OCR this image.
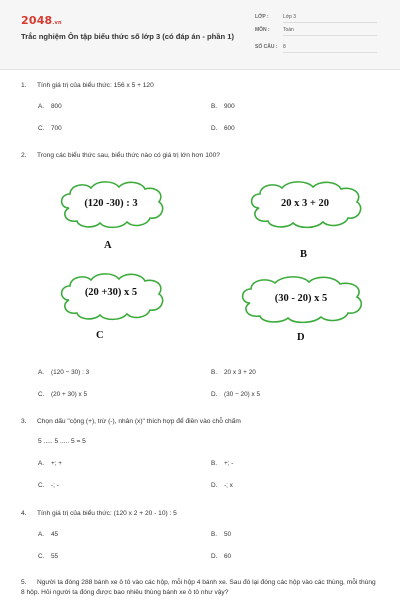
2048.vn
Trắc nghiệm Ôn tập biểu thức số lớp 3 (có đáp án - phần 1)
LỚP :	Lớp 3
MÔN :	Toán
SỐ CÂU : 8
1. Tính giá trị của biểu thức: 156 x 5 + 120
A. 800	B. 900
C. 700	D. 600
2. Trong các biểu thức sau, biểu thức nào có giá trị lớn hơn 100?
(120 -30) : 3
A
20 x 3 + 20
B
(20 +30) x 5
C
(30 - 20) x 5
D
A. (120 − 30) : 3	B. 20 x 3 + 20
C. (20 + 30) x 5	D. (30 − 20) x 5
3. Chọn dấu "cộng (+), trừ (-), nhân (x)" thích hợp để điền vào chỗ chấm
5 ..... 5 ..... 5 = 5
A. +; +	B. +; -
C. -; -	D. -; x
4. Tính giá trị của biểu thức: (120 x 2 + 20 - 10) : 5
A. 45	B. 50
C. 55	D. 60
5. Người ta đóng 288 bánh xe ô tô vào các hộp, mỗi hộp 4 bánh xe. Sau đó lại đóng các hộp vào các thùng, mỗi thùng 8 hộp. Hỏi người ta đóng được bao nhiêu thùng bánh xe ô tô như vậy?
